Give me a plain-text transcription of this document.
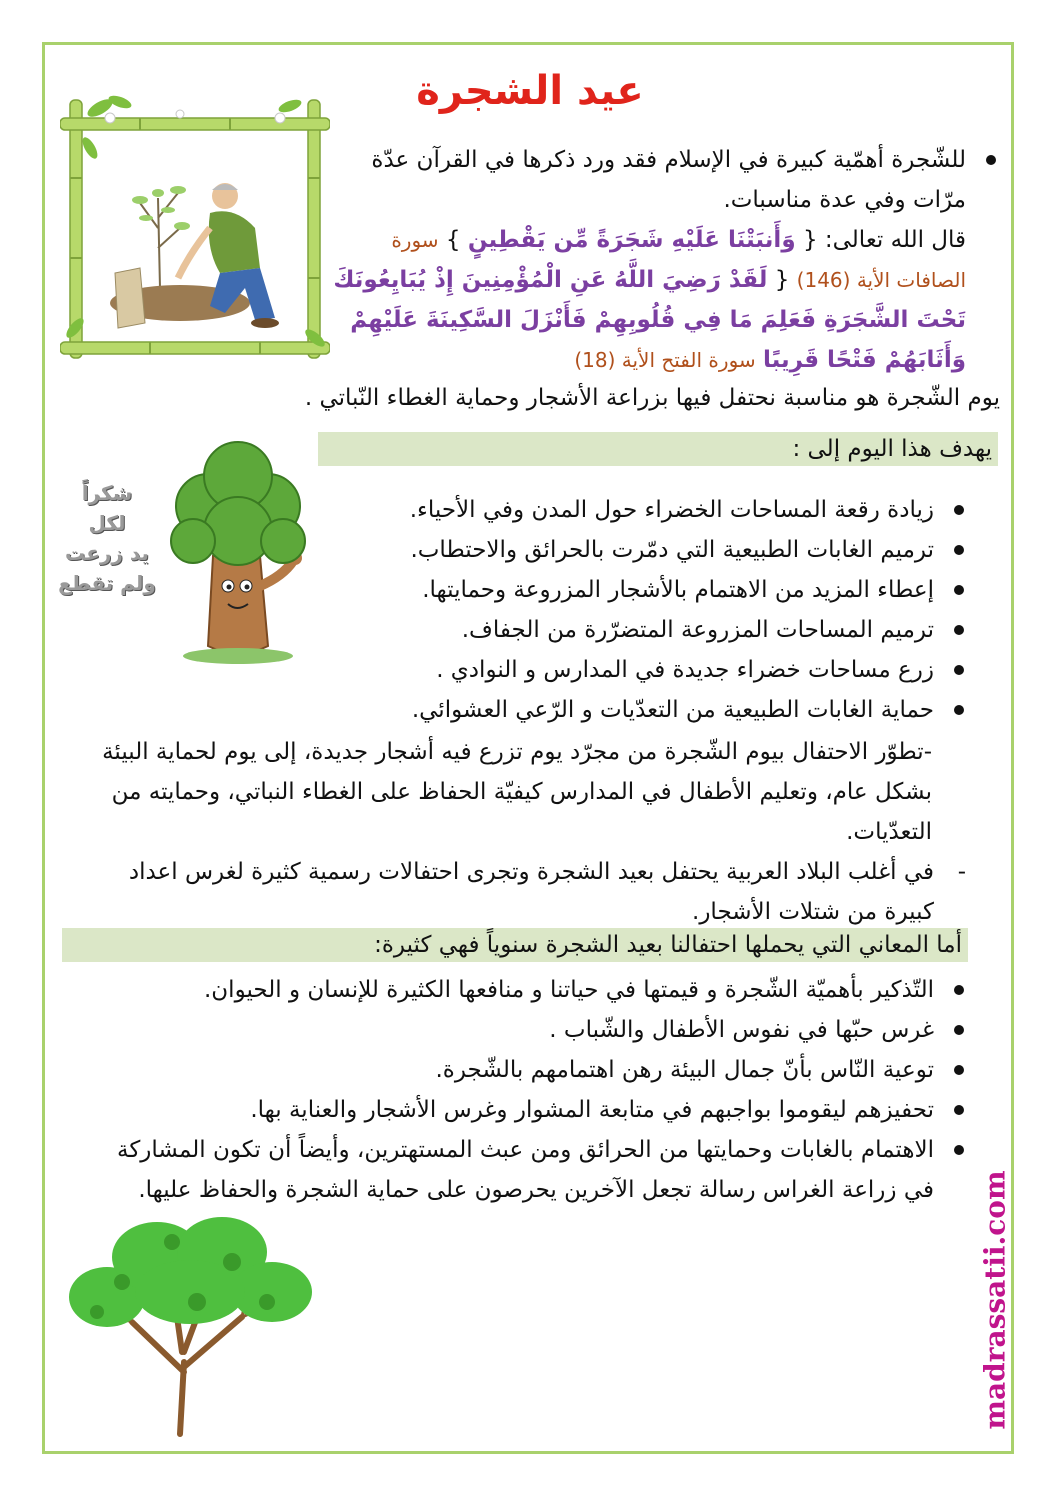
عيد الشجرة
للشّجرة أهمّية كبيرة في الإسلام فقد ورد ذكرها في القرآن عدّة
مرّات وفي عدة مناسبات.
قال الله تعالى: { وَأَنبَتْنَا عَلَيْهِ شَجَرَةً مِّن يَقْطِينٍ } سورة الصافات الأية (146) { لَقَدْ رَضِيَ اللَّهُ عَنِ الْمُؤْمِنِينَ إِذْ يُبَايِعُونَكَ تَحْتَ الشَّجَرَةِ فَعَلِمَ مَا فِي قُلُوبِهِمْ فَأَنْزَلَ السَّكِينَةَ عَلَيْهِمْ وَأَثَابَهُمْ فَتْحًا قَرِيبًا سورة الفتح الأية (18)

يوم الشّجرة هو مناسبة نحتفل فيها بزراعة الأشجار وحماية الغطاء النّباتي .

يهدف هذا اليوم إلى :
شكراً
لكل
يد زرعت
ولم تقطع
زيادة رقعة المساحات الخضراء حول المدن وفي الأحياء.
ترميم الغابات الطبيعية التي دمّرت بالحرائق والاحتطاب.
إعطاء المزيد من الاهتمام بالأشجار المزروعة وحمايتها.
ترميم المساحات المزروعة المتضرّرة من الجفاف.
زرع مساحات خضراء جديدة في المدارس و النوادي .
حماية الغابات الطبيعية من التعدّيات و الرّعي العشوائي.

-تطوّر الاحتفال بيوم الشّجرة من مجرّد يوم تزرع فيه أشجار جديدة، إلى يوم لحماية البيئة بشكل عام، وتعليم الأطفال في المدارس كيفيّة الحفاظ على الغطاء النباتي، وحمايته من التعدّيات.

- في أغلب البلاد العربية يحتفل بعيد الشجرة وتجرى احتفالات رسمية كثيرة لغرس اعداد كبيرة من شتلات الأشجار.
أما المعاني التي يحملها احتفالنا بعيد الشجرة سنوياً فهي كثيرة:
التّذكير بأهميّة الشّجرة و قيمتها في حياتنا و منافعها الكثيرة للإنسان و الحيوان.
غرس حبّها في نفوس الأطفال والشّباب .
توعية النّاس بأنّ جمال البيئة رهن اهتمامهم بالشّجرة.
تحفيزهم ليقوموا بواجبهم في متابعة المشوار وغرس الأشجار والعناية بها.
الاهتمام بالغابات وحمايتها من الحرائق ومن عبث المستهترين، وأيضاً أن تكون المشاركة في زراعة الغراس رسالة تجعل الآخرين يحرصون على حماية الشجرة والحفاظ عليها.	madrassatii.com
